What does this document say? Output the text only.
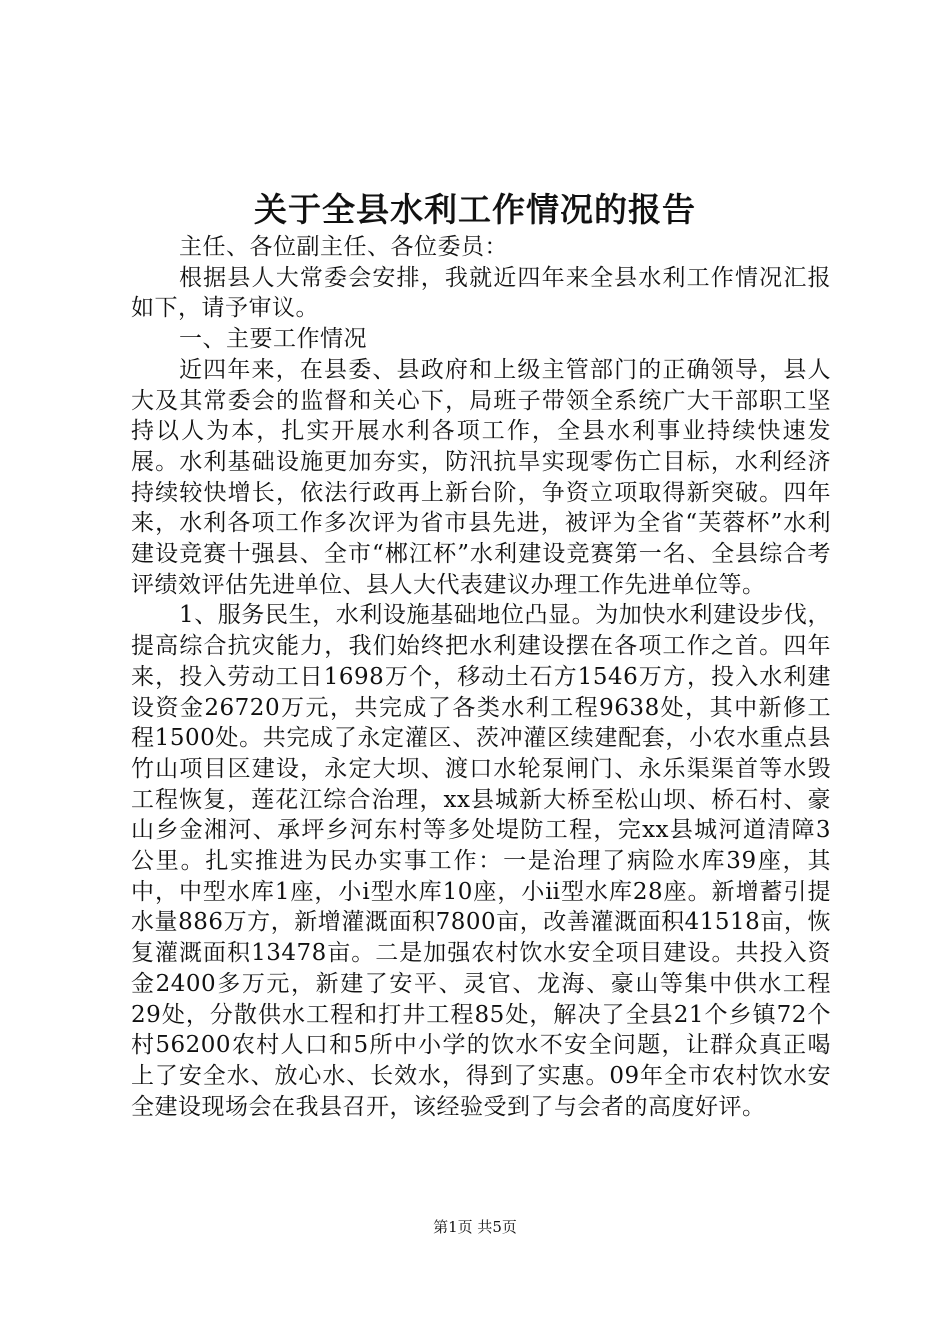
关于全县水利工作情况的报告

主任、各位副主任、各位委员：

根据县人大常委会安排，我就近四年来全县水利工作情况汇报如下，请予审议。

一、主要工作情况

近四年来，在县委、县政府和上级主管部门的正确领导，县人大及其常委会的监督和关心下，局班子带领全系统广大干部职工坚持以人为本，扎实开展水利各项工作，全县水利事业持续快速发展。水利基础设施更加夯实，防汛抗旱实现零伤亡目标，水利经济持续较快增长，依法行政再上新台阶，争资立项取得新突破。四年来，水利各项工作多次评为省市县先进，被评为全省“芙蓉杯”水利建设竞赛十强县、全市“郴江杯”水利建设竞赛第一名、全县综合考评绩效评估先进单位、县人大代表建议办理工作先进单位等。

1、服务民生，水利设施基础地位凸显。为加快水利建设步伐，提高综合抗灾能力，我们始终把水利建设摆在各项工作之首。四年来，投入劳动工日1698万个，移动土石方1546万方，投入水利建设资金26720万元，共完成了各类水利工程9638处，其中新修工程1500处。共完成了永定灌区、茨冲灌区续建配套，小农水重点县竹山项目区建设，永定大坝、渡口水轮泵闸门、永乐渠渠首等水毁工程恢复，莲花江综合治理，xx县城新大桥至松山坝、桥石村、豪山乡金湘河、承坪乡河东村等多处堤防工程，完xx县城河道清障3公里。扎实推进为民办实事工作：一是治理了病险水库39座，其中，中型水库1座，小ⅰ型水库10座，小ⅱ型水库28座。新增蓄引提水量886万方，新增灌溉面积7800亩，改善灌溉面积41518亩，恢复灌溉面积13478亩。二是加强农村饮水安全项目建设。共投入资金2400多万元，新建了安平、灵官、龙海、豪山等集中供水工程29处，分散供水工程和打井工程85处，解决了全县21个乡镇72个村56200农村人口和5所中小学的饮水不安全问题，让群众真正喝上了安全水、放心水、长效水，得到了实惠。09年全市农村饮水安全建设现场会在我县召开，该经验受到了与会者的高度好评。

第1页 共5页
